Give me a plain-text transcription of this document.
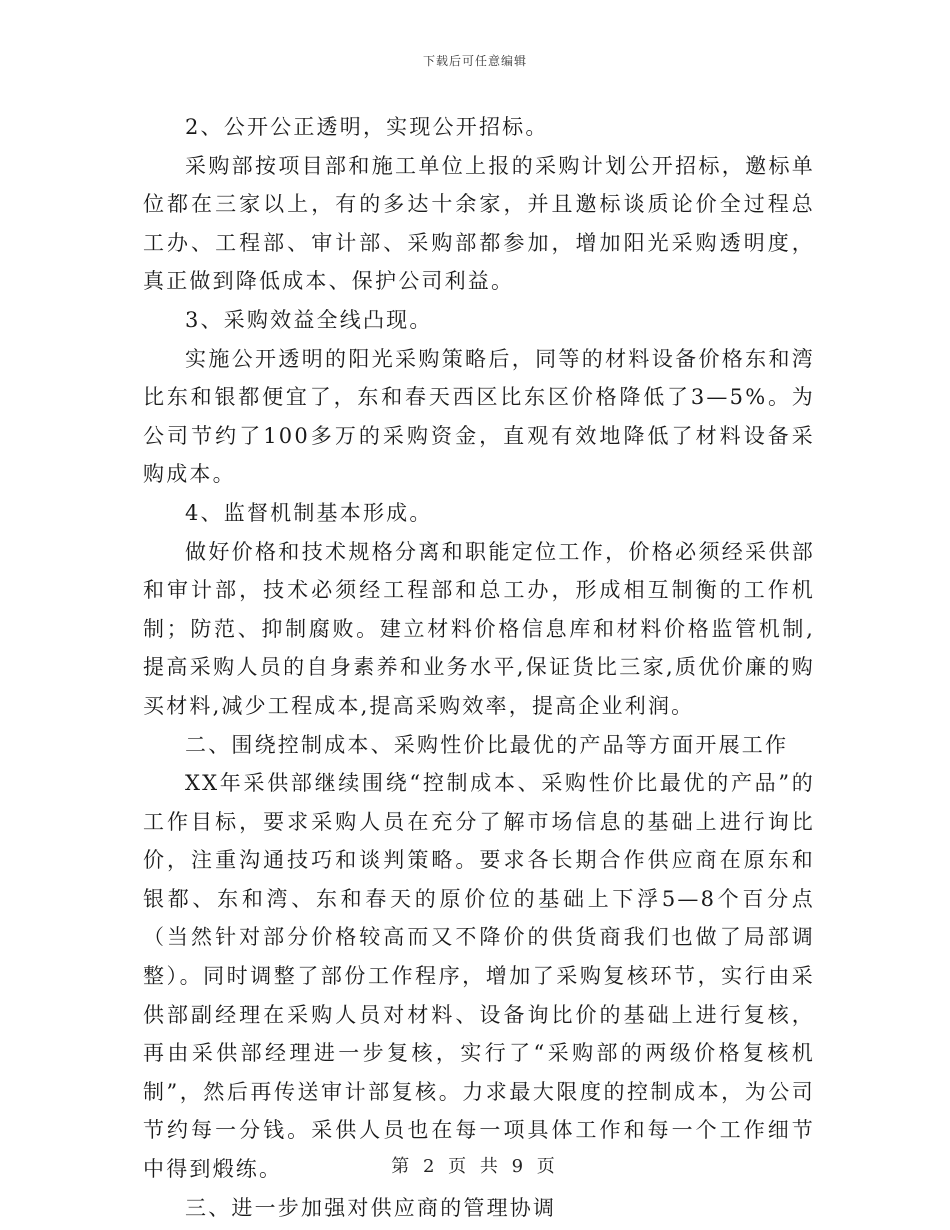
下载后可任意编辑

2、公开公正透明，实现公开招标。

采购部按项目部和施工单位上报的采购计划公开招标，邀标单位都在三家以上，有的多达十余家，并且邀标谈质论价全过程总工办、工程部、审计部、采购部都参加，增加阳光采购透明度，真正做到降低成本、保护公司利益。

3、采购效益全线凸现。

实施公开透明的阳光采购策略后，同等的材料设备价格东和湾比东和银都便宜了，东和春天西区比东区价格降低了3—5%。为公司节约了100多万的采购资金，直观有效地降低了材料设备采购成本。

4、监督机制基本形成。

做好价格和技术规格分离和职能定位工作，价格必须经采供部和审计部，技术必须经工程部和总工办，形成相互制衡的工作机制；防范、抑制腐败。建立材料价格信息库和材料价格监管机制,提高采购人员的自身素养和业务水平,保证货比三家,质优价廉的购买材料,减少工程成本,提高采购效率，提高企业利润。

二、围绕控制成本、采购性价比最优的产品等方面开展工作

XX年采供部继续围绕“控制成本、采购性价比最优的产品”的工作目标，要求采购人员在充分了解市场信息的基础上进行询比价，注重沟通技巧和谈判策略。要求各长期合作供应商在原东和银都、东和湾、东和春天的原价位的基础上下浮5—8个百分点（当然针对部分价格较高而又不降价的供货商我们也做了局部调整）。同时调整了部份工作程序，增加了采购复核环节，实行由采供部副经理在采购人员对材料、设备询比价的基础上进行复核，再由采供部经理进一步复核，实行了“采购部的两级价格复核机制”，然后再传送审计部复核。力求最大限度的控制成本，为公司节约每一分钱。采供人员也在每一项具体工作和每一个工作细节中得到煅练。

三、进一步加强对供应商的管理协调

第 2 页 共 9 页
